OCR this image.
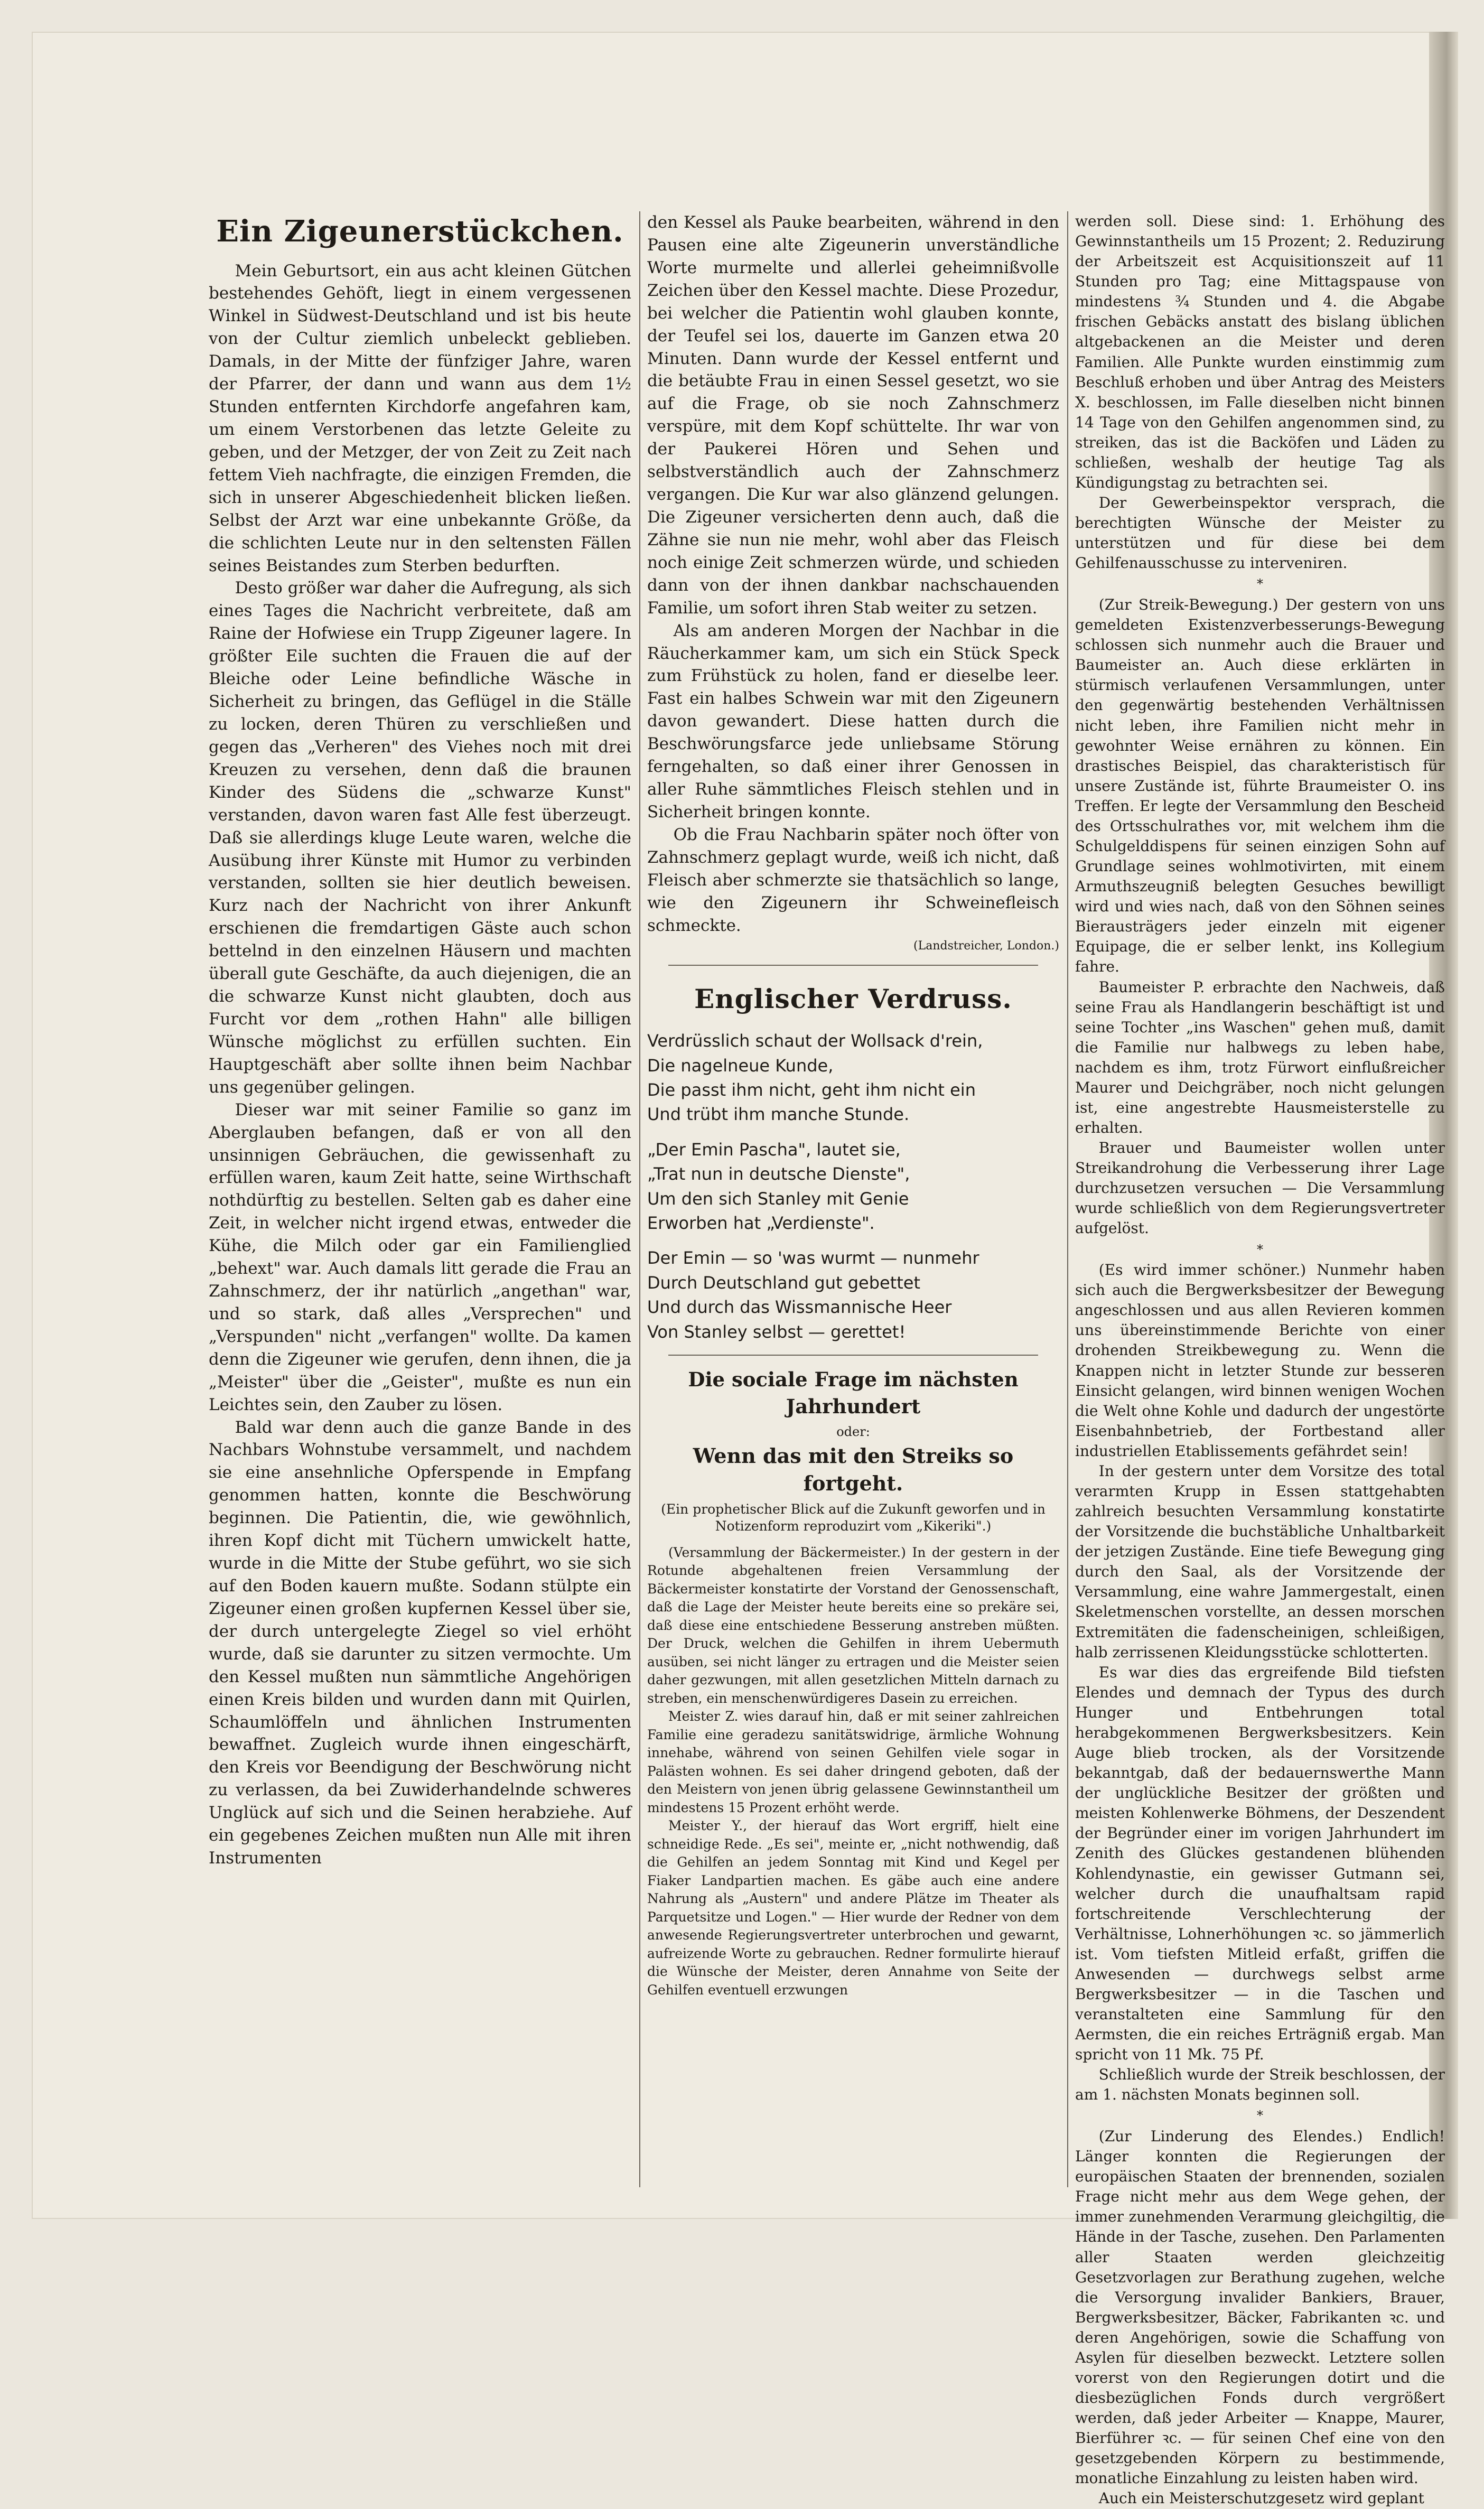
Ein Zigeunerstückchen.

Mein Geburtsort, ein aus acht kleinen Gütchen bestehendes Gehöft, liegt in einem vergessenen Winkel in Südwest-Deutschland und ist bis heute von der Cultur ziemlich unbeleckt geblieben. Damals, in der Mitte der fünfziger Jahre, waren der Pfarrer, der dann und wann aus dem 1½ Stunden entfernten Kirchdorfe angefahren kam, um einem Verstorbenen das letzte Geleite zu geben, und der Metzger, der von Zeit zu Zeit nach fettem Vieh nachfragte, die einzigen Fremden, die sich in unserer Abgeschiedenheit blicken ließen. Selbst der Arzt war eine unbekannte Größe, da die schlichten Leute nur in den seltensten Fällen seines Beistandes zum Sterben bedurften.

Desto größer war daher die Aufregung, als sich eines Tages die Nachricht verbreitete, daß am Raine der Hofwiese ein Trupp Zigeuner lagere. In größter Eile suchten die Frauen die auf der Bleiche oder Leine befindliche Wäsche in Sicherheit zu bringen, das Geflügel in die Ställe zu locken, deren Thüren zu verschließen und gegen das „Verheren" des Viehes noch mit drei Kreuzen zu versehen, denn daß die braunen Kinder des Südens die „schwarze Kunst" verstanden, davon waren fast Alle fest überzeugt. Daß sie allerdings kluge Leute waren, welche die Ausübung ihrer Künste mit Humor zu verbinden verstanden, sollten sie hier deutlich beweisen. Kurz nach der Nachricht von ihrer Ankunft erschienen die fremdartigen Gäste auch schon bettelnd in den einzelnen Häusern und machten überall gute Geschäfte, da auch diejenigen, die an die schwarze Kunst nicht glaubten, doch aus Furcht vor dem „rothen Hahn" alle billigen Wünsche möglichst zu erfüllen suchten. Ein Hauptgeschäft aber sollte ihnen beim Nachbar uns gegenüber gelingen.

Dieser war mit seiner Familie so ganz im Aberglauben befangen, daß er von all den unsinnigen Gebräuchen, die gewissenhaft zu erfüllen waren, kaum Zeit hatte, seine Wirthschaft nothdürftig zu bestellen. Selten gab es daher eine Zeit, in welcher nicht irgend etwas, entweder die Kühe, die Milch oder gar ein Familienglied „behext" war. Auch damals litt gerade die Frau an Zahnschmerz, der ihr natürlich „angethan" war, und so stark, daß alles „Versprechen" und „Verspunden" nicht „verfangen" wollte. Da kamen denn die Zigeuner wie gerufen, denn ihnen, die ja „Meister" über die „Geister", mußte es nun ein Leichtes sein, den Zauber zu lösen.

Bald war denn auch die ganze Bande in des Nachbars Wohnstube versammelt, und nachdem sie eine ansehnliche Opferspende in Empfang genommen hatten, konnte die Beschwörung beginnen. Die Patientin, die, wie gewöhnlich, ihren Kopf dicht mit Tüchern umwickelt hatte, wurde in die Mitte der Stube geführt, wo sie sich auf den Boden kauern mußte. Sodann stülpte ein Zigeuner einen großen kupfernen Kessel über sie, der durch untergelegte Ziegel so viel erhöht wurde, daß sie darunter zu sitzen vermochte. Um den Kessel mußten nun sämmtliche Angehörigen einen Kreis bilden und wurden dann mit Quirlen, Schaumlöffeln und ähnlichen Instrumenten bewaffnet. Zugleich wurde ihnen eingeschärft, den Kreis vor Beendigung der Beschwörung nicht zu verlassen, da bei Zuwiderhandelnde schweres Unglück auf sich und die Seinen herabziehe. Auf ein gegebenes Zeichen mußten nun Alle mit ihren Instrumenten

den Kessel als Pauke bearbeiten, während in den Pausen eine alte Zigeunerin unverständliche Worte murmelte und allerlei geheimnißvolle Zeichen über den Kessel machte. Diese Prozedur, bei welcher die Patientin wohl glauben konnte, der Teufel sei los, dauerte im Ganzen etwa 20 Minuten. Dann wurde der Kessel entfernt und die betäubte Frau in einen Sessel gesetzt, wo sie auf die Frage, ob sie noch Zahnschmerz verspüre, mit dem Kopf schüttelte. Ihr war von der Paukerei Hören und Sehen und selbstverständlich auch der Zahnschmerz vergangen. Die Kur war also glänzend gelungen. Die Zigeuner versicherten denn auch, daß die Zähne sie nun nie mehr, wohl aber das Fleisch noch einige Zeit schmerzen würde, und schieden dann von der ihnen dankbar nachschauenden Familie, um sofort ihren Stab weiter zu setzen.

Als am anderen Morgen der Nachbar in die Räucherkammer kam, um sich ein Stück Speck zum Frühstück zu holen, fand er dieselbe leer. Fast ein halbes Schwein war mit den Zigeunern davon gewandert. Diese hatten durch die Beschwörungsfarce jede unliebsame Störung ferngehalten, so daß einer ihrer Genossen in aller Ruhe sämmtliches Fleisch stehlen und in Sicherheit bringen konnte.

Ob die Frau Nachbarin später noch öfter von Zahnschmerz geplagt wurde, weiß ich nicht, daß Fleisch aber schmerzte sie thatsächlich so lange, wie den Zigeunern ihr Schweinefleisch schmeckte.

(Landstreicher, London.)
Englischer Verdruss.
Verdrüsslich schaut der Wollsack d'rein,
Die nagelneue Kunde,
Die passt ihm nicht, geht ihm nicht ein
Und trübt ihm manche Stunde.
„Der Emin Pascha", lautet sie,
„Trat nun in deutsche Dienste",
Um den sich Stanley mit Genie
Erworben hat „Verdienste".
Der Emin — so 'was wurmt — nunmehr
Durch Deutschland gut gebettet
Und durch das Wissmannische Heer
Von Stanley selbst — gerettet!
Die sociale Frage im nächsten Jahrhundert
oder:
Wenn das mit den Streiks so fortgeht.
(Ein prophetischer Blick auf die Zukunft geworfen und in Notizenform reproduzirt vom „Kikeriki".)

(Versammlung der Bäckermeister.) In der gestern in der Rotunde abgehaltenen freien Versammlung der Bäckermeister konstatirte der Vorstand der Genossenschaft, daß die Lage der Meister heute bereits eine so prekäre sei, daß diese eine entschiedene Besserung anstreben müßten. Der Druck, welchen die Gehilfen in ihrem Uebermuth ausüben, sei nicht länger zu ertragen und die Meister seien daher gezwungen, mit allen gesetzlichen Mitteln darnach zu streben, ein menschenwürdigeres Dasein zu erreichen.

Meister Z. wies darauf hin, daß er mit seiner zahlreichen Familie eine geradezu sanitätswidrige, ärmliche Wohnung innehabe, während von seinen Gehilfen viele sogar in Palästen wohnen. Es sei daher dringend geboten, daß der den Meistern von jenen übrig gelassene Gewinnstantheil um mindestens 15 Prozent erhöht werde.

Meister Y., der hierauf das Wort ergriff, hielt eine schneidige Rede. „Es sei", meinte er, „nicht nothwendig, daß die Gehilfen an jedem Sonntag mit Kind und Kegel per Fiaker Landpartien machen. Es gäbe auch eine andere Nahrung als „Austern" und andere Plätze im Theater als Parquetsitze und Logen." — Hier wurde der Redner von dem anwesende Regierungsvertreter unterbrochen und gewarnt, aufreizende Worte zu gebrauchen. Redner formulirte hierauf die Wünsche der Meister, deren Annahme von Seite der Gehilfen eventuell erzwungen

werden soll. Diese sind: 1. Erhöhung des Gewinnstantheils um 15 Prozent; 2. Reduzirung der Arbeitszeit est Acquisitionszeit auf 11 Stunden pro Tag; eine Mittagspause von mindestens ¾ Stunden und 4. die Abgabe frischen Gebäcks anstatt des bislang üblichen altgebackenen an die Meister und deren Familien. Alle Punkte wurden einstimmig zum Beschluß erhoben und über Antrag des Meisters X. beschlossen, im Falle dieselben nicht binnen 14 Tage von den Gehilfen angenommen sind, zu streiken, das ist die Backöfen und Läden zu schließen, weshalb der heutige Tag als Kündigungstag zu betrachten sei.

Der Gewerbeinspektor versprach, die berechtigten Wünsche der Meister zu unterstützen und für diese bei dem Gehilfenausschusse zu interveniren.

*

(Zur Streik-Bewegung.) Der gestern von uns gemeldeten Existenzverbesserungs-Bewegung schlossen sich nunmehr auch die Brauer und Baumeister an. Auch diese erklärten in stürmisch verlaufenen Versammlungen, unter den gegenwärtig bestehenden Verhältnissen nicht leben, ihre Familien nicht mehr in gewohnter Weise ernähren zu können. Ein drastisches Beispiel, das charakteristisch für unsere Zustände ist, führte Braumeister O. ins Treffen. Er legte der Versammlung den Bescheid des Ortsschulrathes vor, mit welchem ihm die Schulgelddispens für seinen einzigen Sohn auf Grundlage seines wohlmotivirten, mit einem Armuthszeugniß belegten Gesuches bewilligt wird und wies nach, daß von den Söhnen seines Bierausträgers jeder einzeln mit eigener Equipage, die er selber lenkt, ins Kollegium fahre.

Baumeister P. erbrachte den Nachweis, daß seine Frau als Handlangerin beschäftigt ist und seine Tochter „ins Waschen" gehen muß, damit die Familie nur halbwegs zu leben habe, nachdem es ihm, trotz Fürwort einflußreicher Maurer und Deichgräber, noch nicht gelungen ist, eine angestrebte Hausmeisterstelle zu erhalten.

Brauer und Baumeister wollen unter Streikandrohung die Verbesserung ihrer Lage durchzusetzen versuchen — Die Versammlung wurde schließlich von dem Regierungsvertreter aufgelöst.

*

(Es wird immer schöner.) Nunmehr haben sich auch die Bergwerksbesitzer der Bewegung angeschlossen und aus allen Revieren kommen uns übereinstimmende Berichte von einer drohenden Streikbewegung zu. Wenn die Knappen nicht in letzter Stunde zur besseren Einsicht gelangen, wird binnen wenigen Wochen die Welt ohne Kohle und dadurch der ungestörte Eisenbahnbetrieb, der Fortbestand aller industriellen Etablissements gefährdet sein!

In der gestern unter dem Vorsitze des total verarmten Krupp in Essen stattgehabten zahlreich besuchten Versammlung konstatirte der Vorsitzende die buchstäbliche Unhaltbarkeit der jetzigen Zustände. Eine tiefe Bewegung ging durch den Saal, als der Vorsitzende der Versammlung, eine wahre Jammergestalt, einen Skeletmenschen vorstellte, an dessen morschen Extremitäten die fadenscheinigen, schleißigen, halb zerrissenen Kleidungsstücke schlotterten.

Es war dies das ergreifende Bild tiefsten Elendes und demnach der Typus des durch Hunger und Entbehrungen total herabgekommenen Bergwerksbesitzers. Kein Auge blieb trocken, als der Vorsitzende bekanntgab, daß der bedauernswerthe Mann der unglückliche Besitzer der größten und meisten Kohlenwerke Böhmens, der Deszendent der Begründer einer im vorigen Jahrhundert im Zenith des Glückes gestandenen blühenden Kohlendynastie, ein gewisser Gutmann sei, welcher durch die unaufhaltsam rapid fortschreitende Verschlechterung der Verhältnisse, Lohnerhöhungen ꝛc. so jämmerlich ist. Vom tiefsten Mitleid erfaßt, griffen die Anwesenden — durchwegs selbst arme Bergwerksbesitzer — in die Taschen und veranstalteten eine Sammlung für den Aermsten, die ein reiches Erträgniß ergab. Man spricht von 11 Mk. 75 Pf.

Schließlich wurde der Streik beschlossen, der am 1. nächsten Monats beginnen soll.

*

(Zur Linderung des Elendes.) Endlich! Länger konnten die Regierungen der europäischen Staaten der brennenden, sozialen Frage nicht mehr aus dem Wege gehen, der immer zunehmenden Verarmung gleichgiltig, die Hände in der Tasche, zusehen. Den Parlamenten aller Staaten werden gleichzeitig Gesetzvorlagen zur Berathung zugehen, welche die Versorgung invalider Bankiers, Brauer, Bergwerksbesitzer, Bäcker, Fabrikanten ꝛc. und deren Angehörigen, sowie die Schaffung von Asylen für dieselben bezweckt. Letztere sollen vorerst von den Regierungen dotirt und die diesbezüglichen Fonds durch vergrößert werden, daß jeder Arbeiter — Knappe, Maurer, Bierführer ꝛc. — für seinen Chef eine von den gesetzgebenden Körpern zu bestimmende, monatliche Einzahlung zu leisten haben wird.

Auch ein Meisterschutzgesetz wird geplant
